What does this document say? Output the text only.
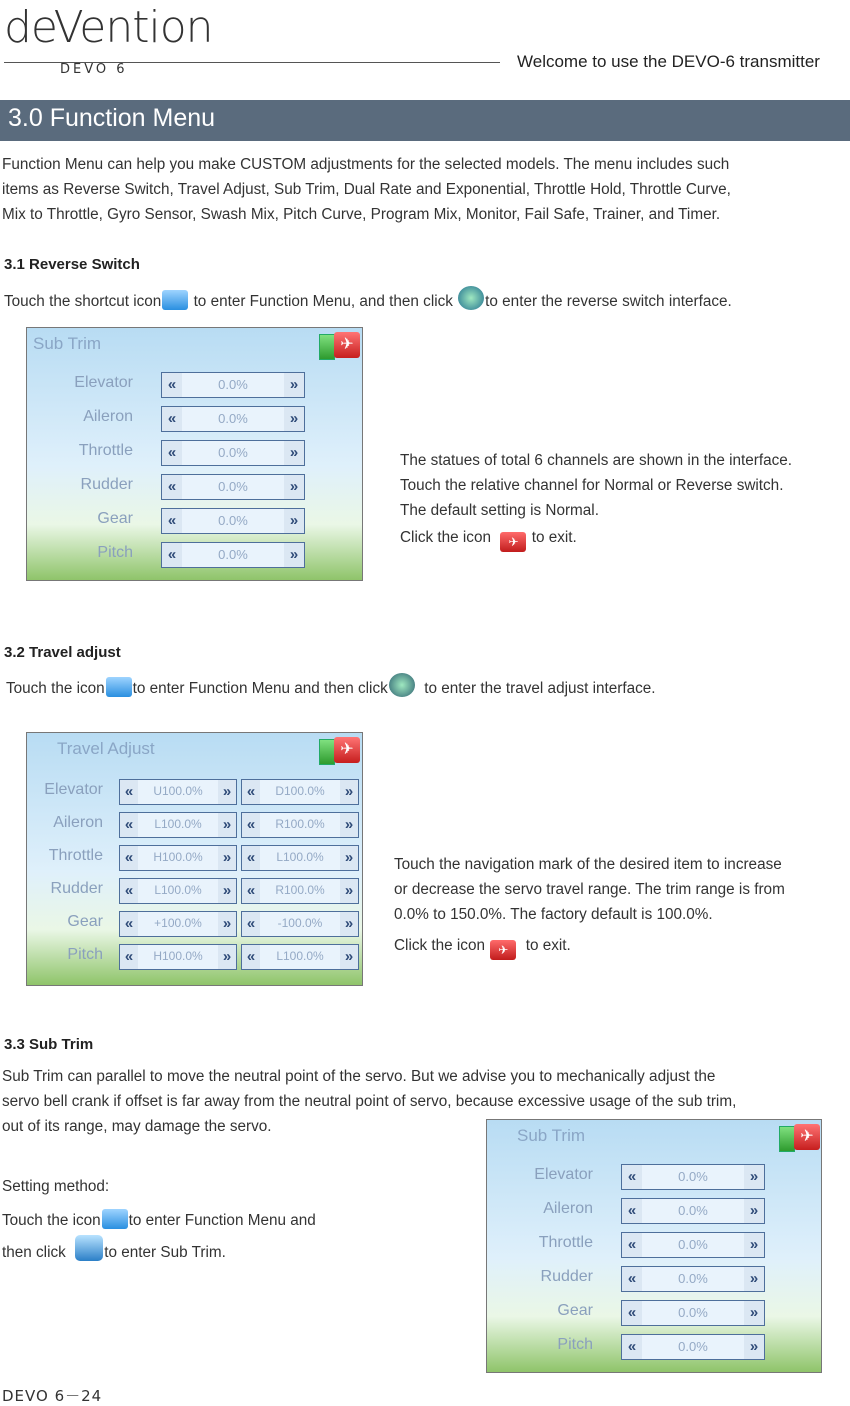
deVention
DEVO 6	Welcome to use the DEVO-6 transmitter
3.0 Function Menu
Function Menu can help you make CUSTOM adjustments for the selected models. The menu includes such
items as Reverse Switch, Travel Adjust, Sub Trim, Dual Rate and Exponential, Throttle Hold, Throttle Curve,
Mix to Throttle, Gyro Sensor, Swash Mix, Pitch Curve, Program Mix, Monitor, Fail Safe, Trainer, and Timer.
3.1 Reverse Switch
Touch the shortcut icon to enter Function Menu, and then click to enter the reverse switch interface.
Sub Trim	✈
Elevator	«	0.0%	»
Aileron	«	0.0%	»
Throttle	«	0.0%	»
Rudder	«	0.0%	»
Gear	«	0.0%	»
Pitch	«	0.0%	»
The statues of total 6 channels are shown in the interface.
Touch the relative channel for Normal or Reverse switch.
The default setting is Normal.
Click the icon ✈ to exit.
3.2 Travel adjust
Touch the icon to enter Function Menu and then click to enter the travel adjust interface.
Travel Adjust	✈
Elevator	«	U100.0%	»	«	D100.0%	»
Aileron	«	L100.0%	»	«	R100.0%	»
Throttle	«	H100.0%	»	«	L100.0%	»
Rudder	«	L100.0%	»	«	R100.0%	»
Gear	«	+100.0%	»	«	-100.0%	»
Pitch	«	H100.0%	»	«	L100.0%	»
Touch the navigation mark of the desired item to increase
or decrease the servo travel range. The trim range is from
0.0% to 150.0%. The factory default is 100.0%.
Click the icon ✈ to exit.
3.3 Sub Trim
Sub Trim can parallel to move the neutral point of the servo. But we advise you to mechanically adjust the
servo bell crank if offset is far away from the neutral point of servo, because excessive usage of the sub trim,
out of its range, may damage the servo.
Setting method:
Touch the icon to enter Function Menu and
then click	to enter Sub Trim.
Sub Trim	✈
Elevator	«	0.0%	»
Aileron	«	0.0%	»
Throttle	«	0.0%	»
Rudder	«	0.0%	»
Gear	«	0.0%	»
Pitch	«	0.0%	»
DEVO 6－24
